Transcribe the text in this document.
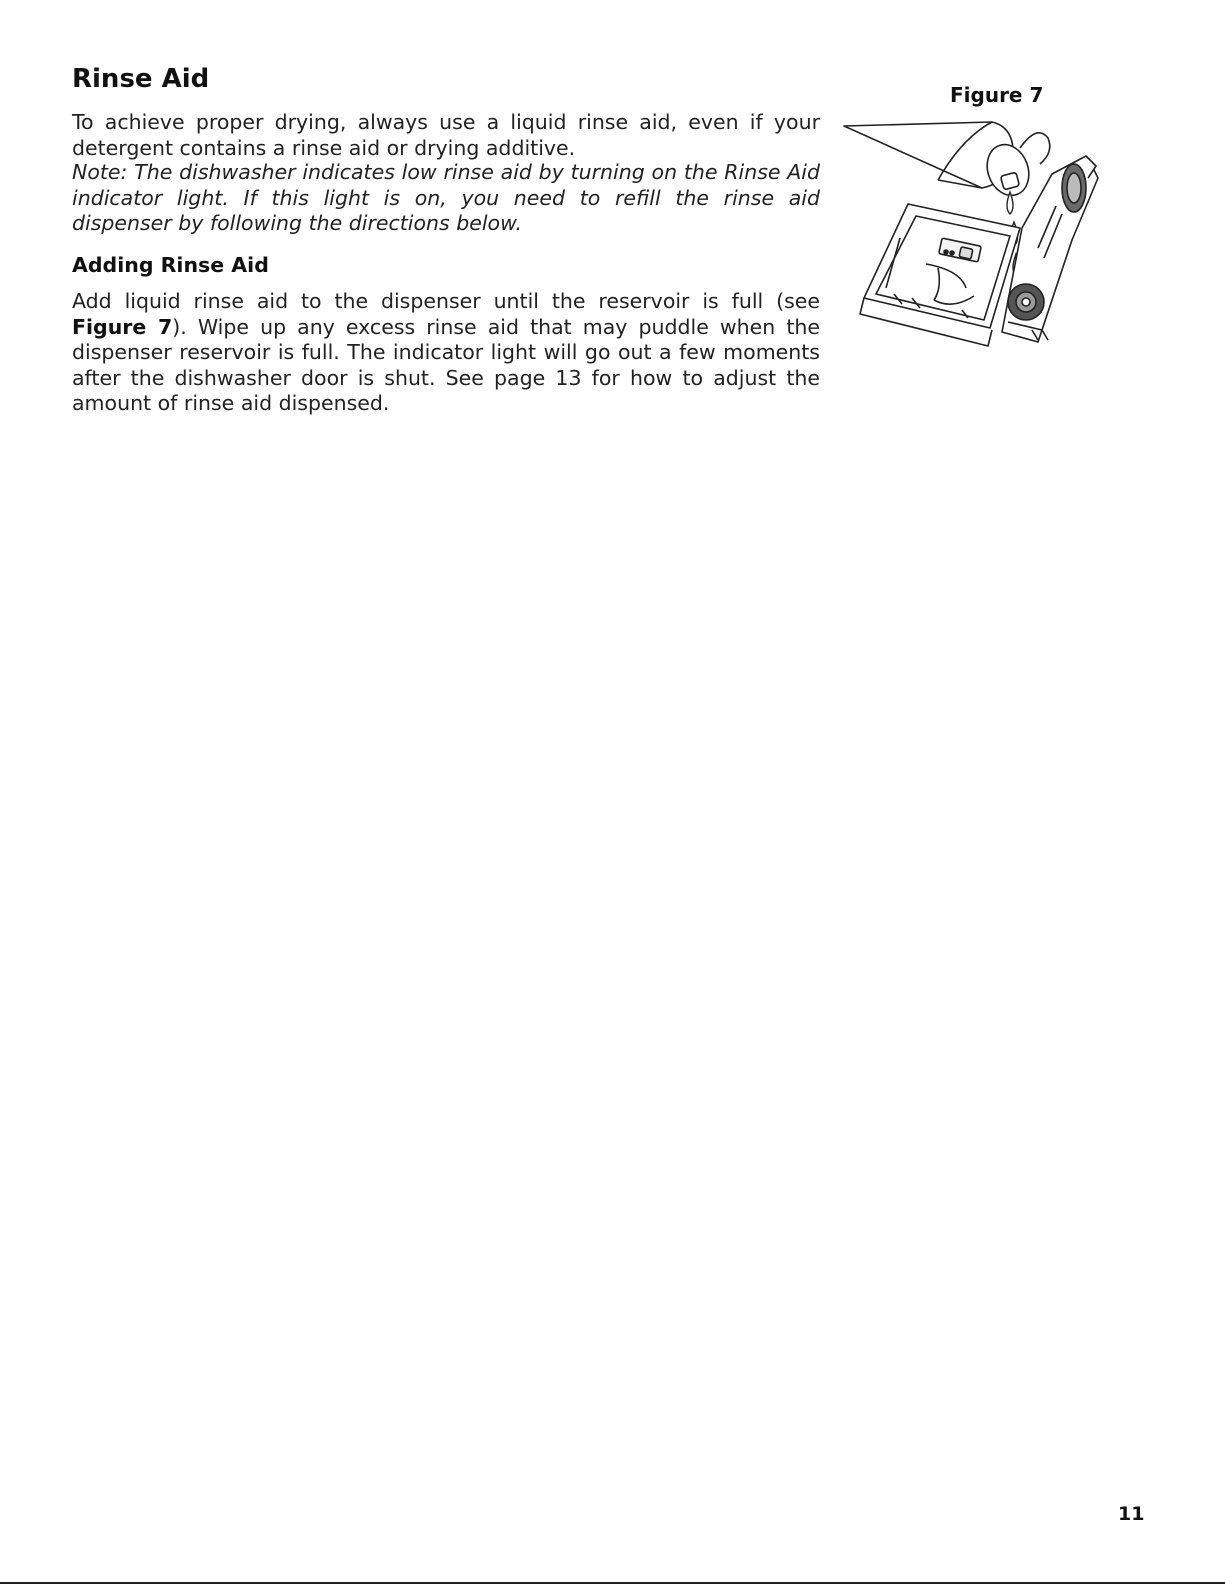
Rinse Aid

To achieve proper drying, always use a liquid rinse aid, even if your detergent contains a rinse aid or drying additive.

Note: The dishwasher indicates low rinse aid by turning on the Rinse Aid indicator light. If this light is on, you need to refill the rinse aid dispenser by following the directions below.

Adding Rinse Aid

Add liquid rinse aid to the dispenser until the reservoir is full (see Figure 7). Wipe up any excess rinse aid that may puddle when the dispenser reservoir is full. The indicator light will go out a few moments after the dishwasher door is shut. See page 13 for how to adjust the amount of rinse aid dispensed.

Figure 7
11
